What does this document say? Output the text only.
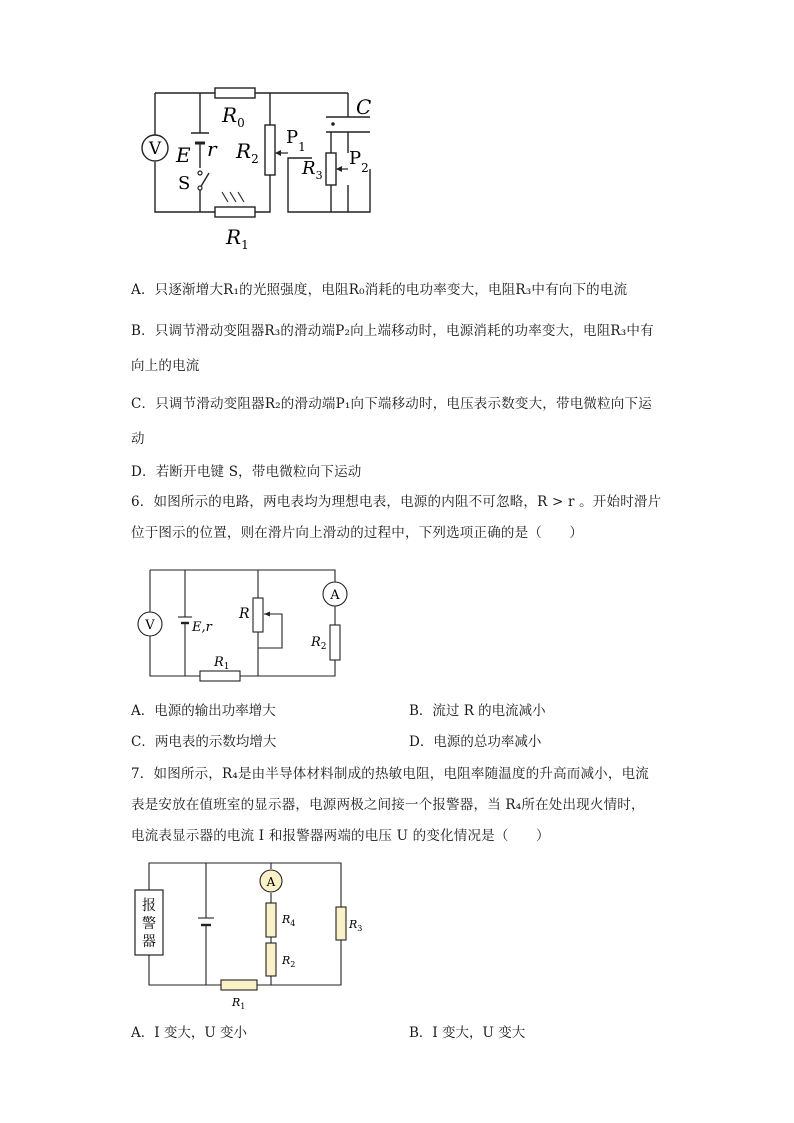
V E r
S
$R_0$
$R_1$
$R_2$
$P_1$
C
$R_3$
$P_2$
A．只逐渐增大R₁的光照强度，电阻R₀消耗的电功率变大，电阻R₃中有向下的电流
B．只调节滑动变阻器R₃的滑动端P₂向上端移动时，电源消耗的功率变大，电阻R₃中有
向上的电流
C．只调节滑动变阻器R₂的滑动端P₁向下端移动时，电压表示数变大，带电微粒向下运
动
D．若断开电键 S，带电微粒向下运动
6．如图所示的电路，两电表均为理想电表，电源的内阻不可忽略，R > r 。开始时滑片
位于图示的位置，则在滑片向上滑动的过程中，下列选项正确的是（　　）
V
A
E,r
R
$R_1$
$R_2$
A．电源的输出功率增大	B．流过 R 的电流减小
C．两电表的示数均增大	D．电源的总功率减小
7．如图所示，R₄是由半导体材料制成的热敏电阻，电阻率随温度的升高而减小，电流
表是安放在值班室的显示器，电源两极之间接一个报警器，当 R₄所在处出现火情时，
电流表显示器的电流 I 和报警器两端的电压 U 的变化情况是（　　）
报
警
器
A
$R_4$
$R_2$
$R_3$
$R_1$
A．I 变大，U 变小	B．I 变大，U 变大
